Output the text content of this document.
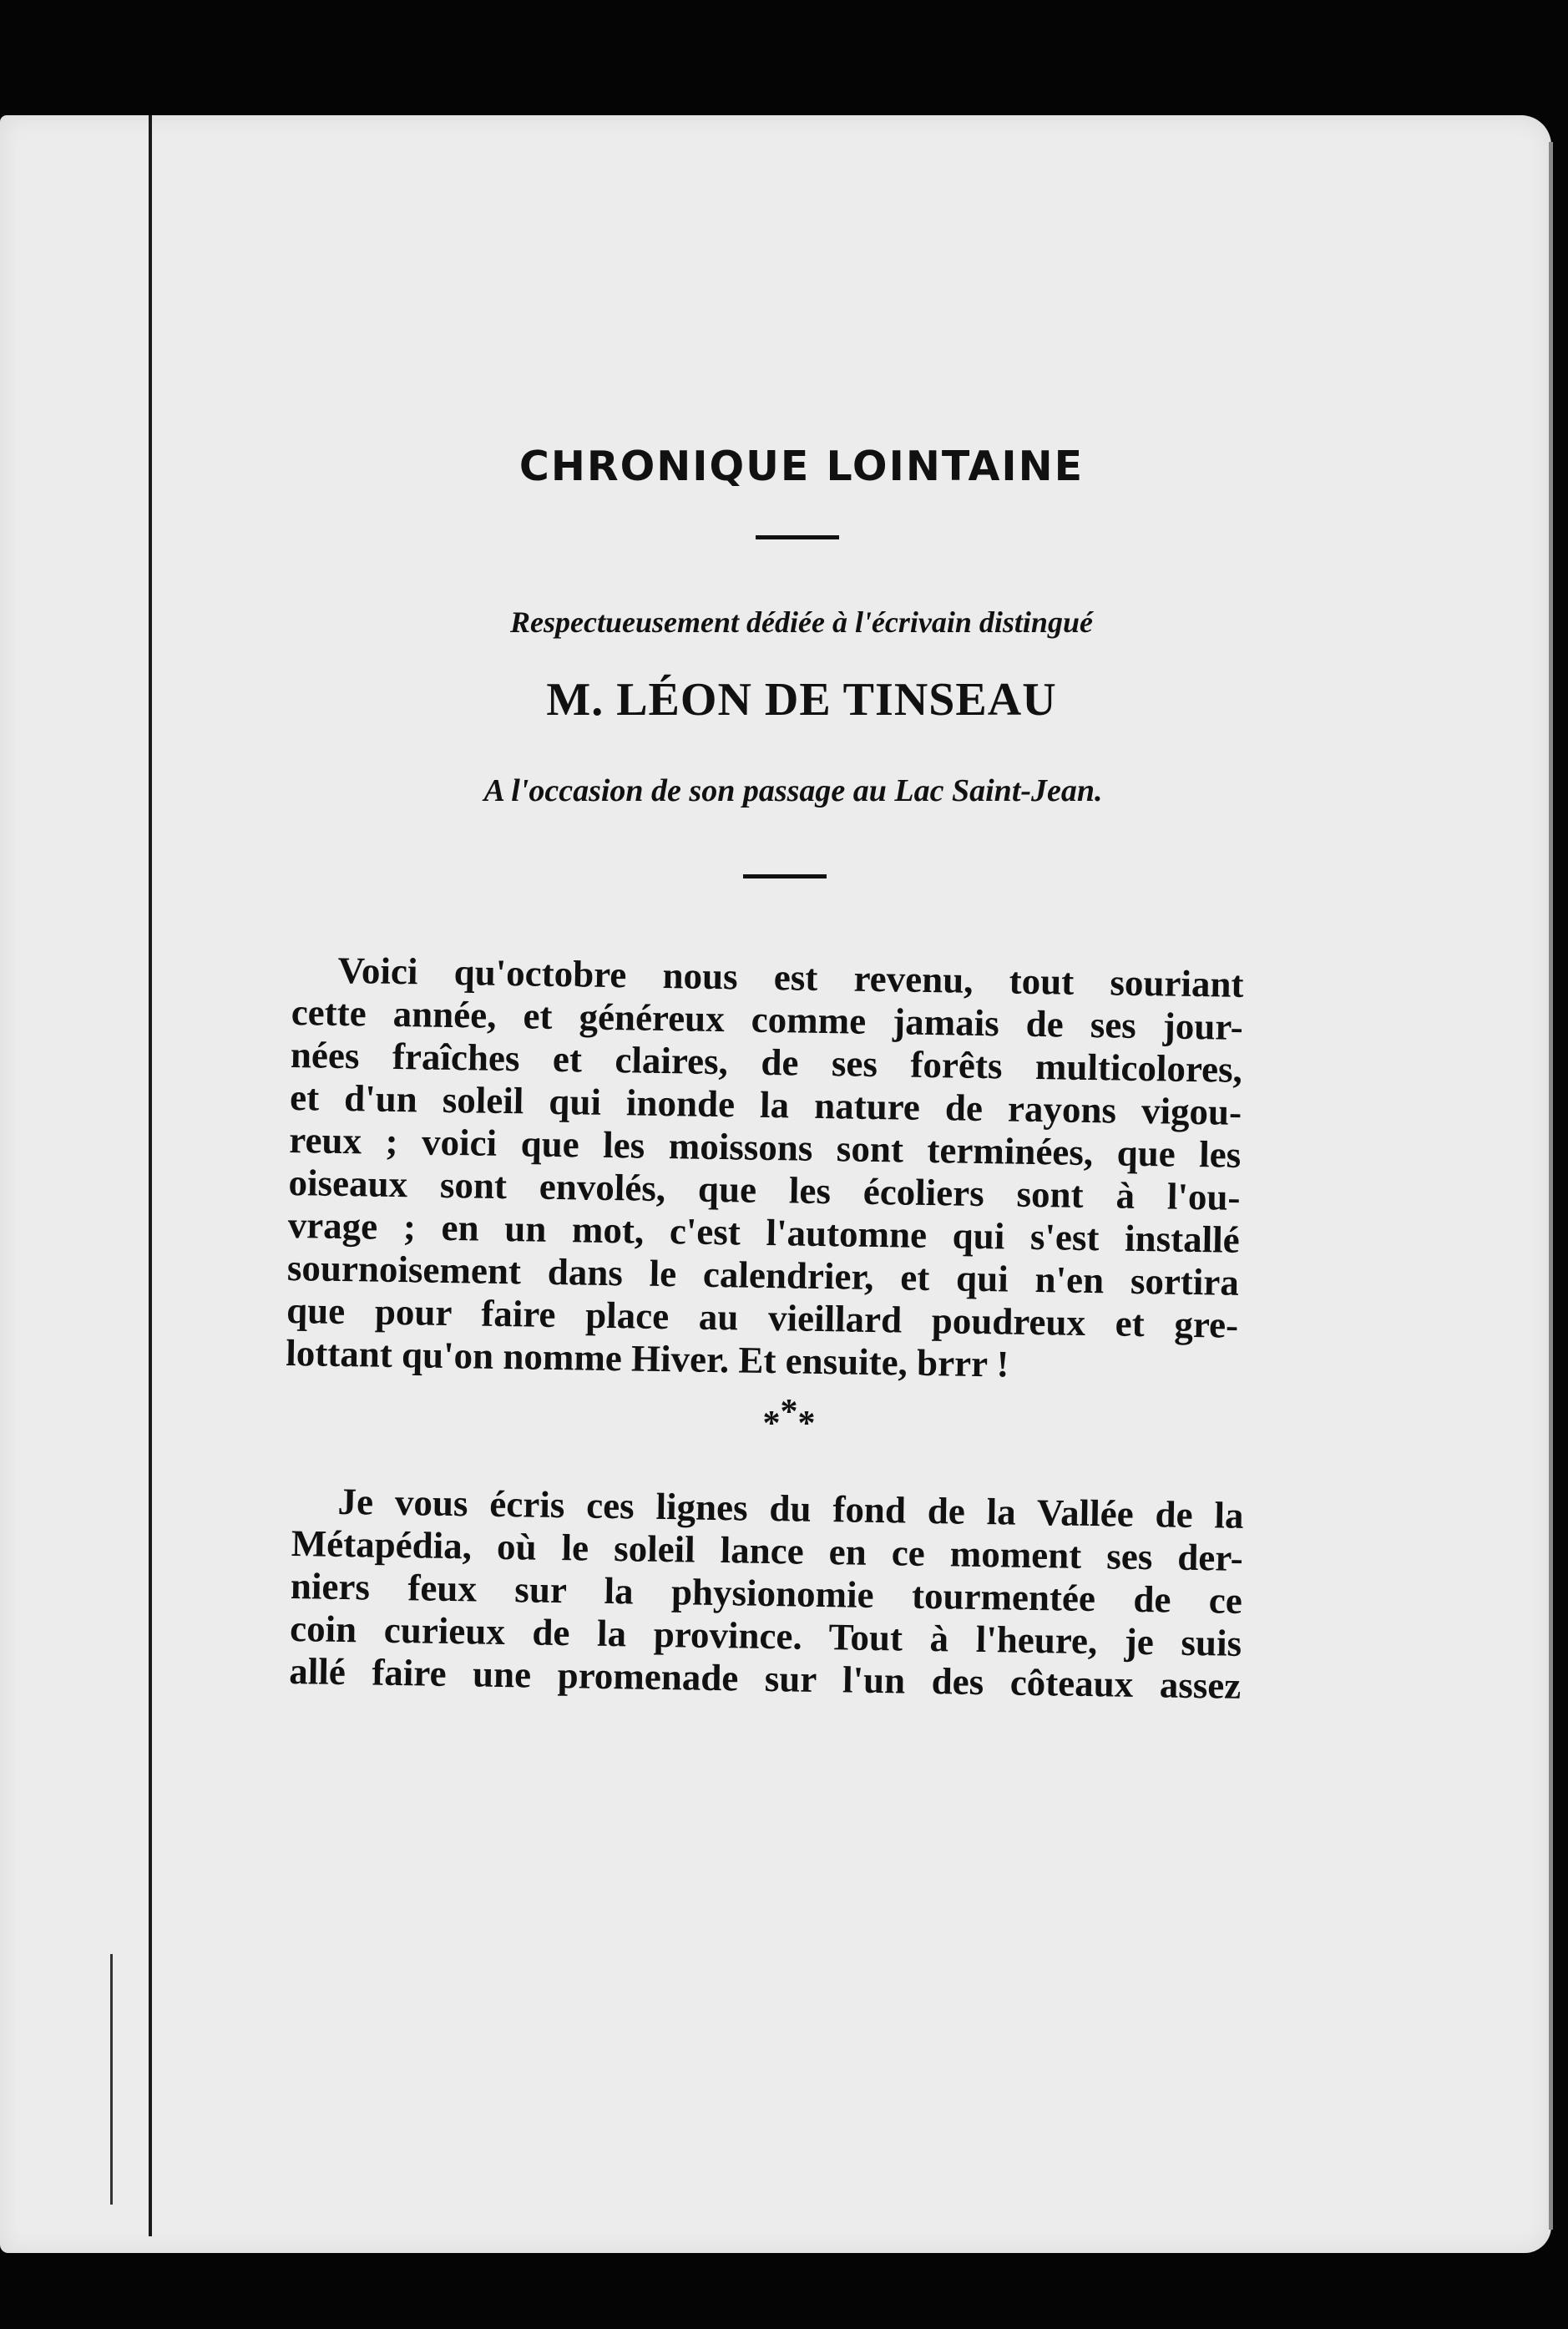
CHRONIQUE LOINTAINE

Respectueusement dédiée à l'écrivain distingué

M. LÉON DE TINSEAU

A l'occasion de son passage au Lac Saint-Jean.

Voici qu'octobre nous est revenu, tout souriant
cette année, et généreux comme jamais de ses jour-
nées fraîches et claires, de ses forêts multicolores,
et d'un soleil qui inonde la nature de rayons vigou-
reux ; voici que les moissons sont terminées, que les
oiseaux sont envolés, que les écoliers sont à l'ou-
vrage ; en un mot, c'est l'automne qui s'est installé
sournoisement dans le calendrier, et qui n'en sortira
que pour faire place au vieillard poudreux et gre-
lottant qu'on nomme Hiver. Et ensuite, brrr !
***
Je vous écris ces lignes du fond de la Vallée de la
Métapédia, où le soleil lance en ce moment ses der-
niers feux sur la physionomie tourmentée de ce
coin curieux de la province. Tout à l'heure, je suis
allé faire une promenade sur l'un des côteaux assez
